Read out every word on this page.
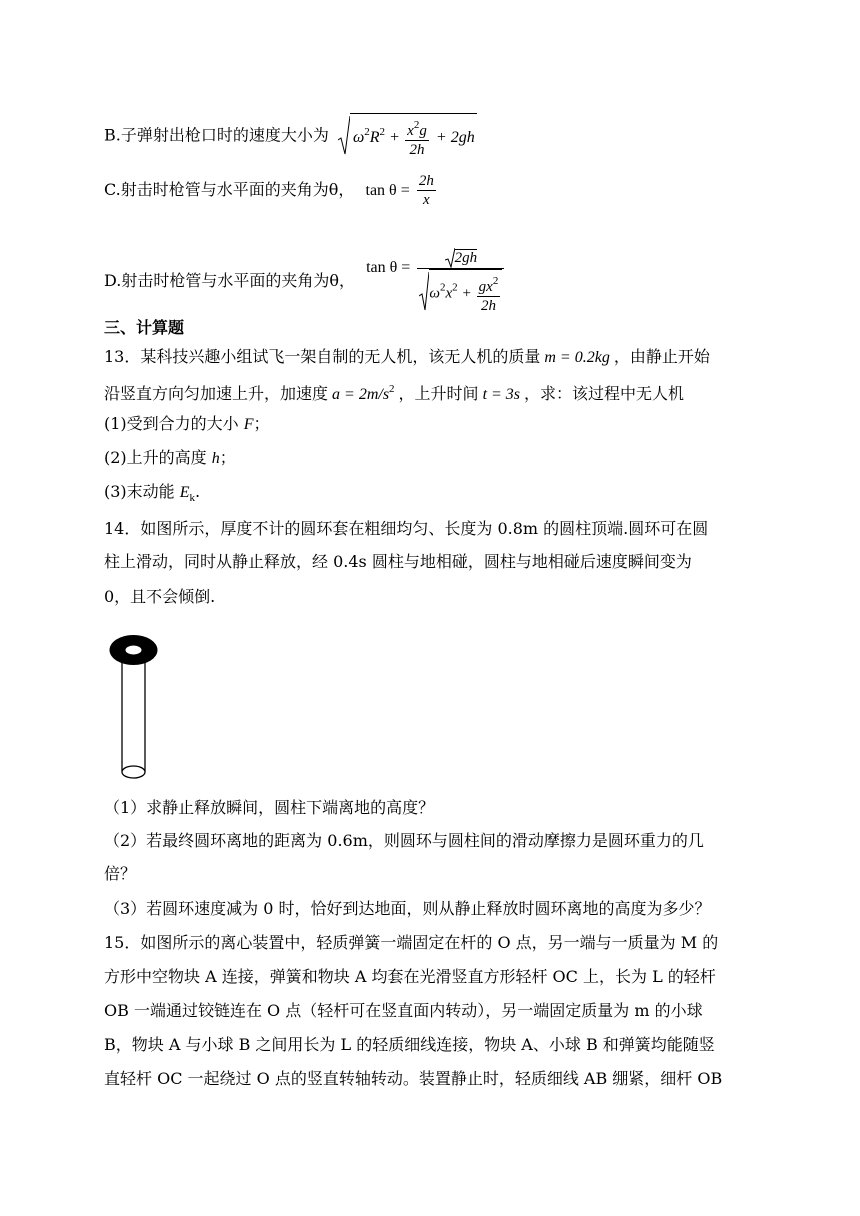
B.子弹射出枪口时的速度大小为 $\omega^2R^2 + \frac{x^2g}{2h} + 2gh$
C.射击时枪管与水平面的夹角为θ， $\tan \theta = \frac{2h}{x}$
D.射击时枪管与水平面的夹角为θ， $\tan \theta = \frac{2gh}{\omega^2x^2 + \frac{gx^2}{2h}}$
三、计算题
13．某科技兴趣小组试飞一架自制的无人机，该无人机的质量 m = 0.2kg ，由静止开始
沿竖直方向匀加速上升，加速度 $a = 2m/s^2$ ，上升时间 t = 3s ，求：该过程中无人机
(1)受到合力的大小 F；
(2)上升的高度 h；
(3)末动能 $E_k$.
14．如图所示，厚度不计的圆环套在粗细均匀、长度为 0.8m 的圆柱顶端.圆环可在圆
柱上滑动，同时从静止释放，经 0.4s 圆柱与地相碰，圆柱与地相碰后速度瞬间变为
0，且不会倾倒.
（1）求静止释放瞬间，圆柱下端离地的高度？
（2）若最终圆环离地的距离为 0.6m，则圆环与圆柱间的滑动摩擦力是圆环重力的几
倍？
（3）若圆环速度减为 0 时，恰好到达地面，则从静止释放时圆环离地的高度为多少？
15．如图所示的离心装置中，轻质弹簧一端固定在杆的 O 点，另一端与一质量为 M 的
方形中空物块 A 连接，弹簧和物块 A 均套在光滑竖直方形轻杆 OC 上，长为 L 的轻杆
OB 一端通过铰链连在 O 点（轻杆可在竖直面内转动），另一端固定质量为 m 的小球
B，物块 A 与小球 B 之间用长为 L 的轻质细线连接，物块 A、小球 B 和弹簧均能随竖
直轻杆 OC 一起绕过 O 点的竖直转轴转动。装置静止时，轻质细线 AB 绷紧，细杆 OB
